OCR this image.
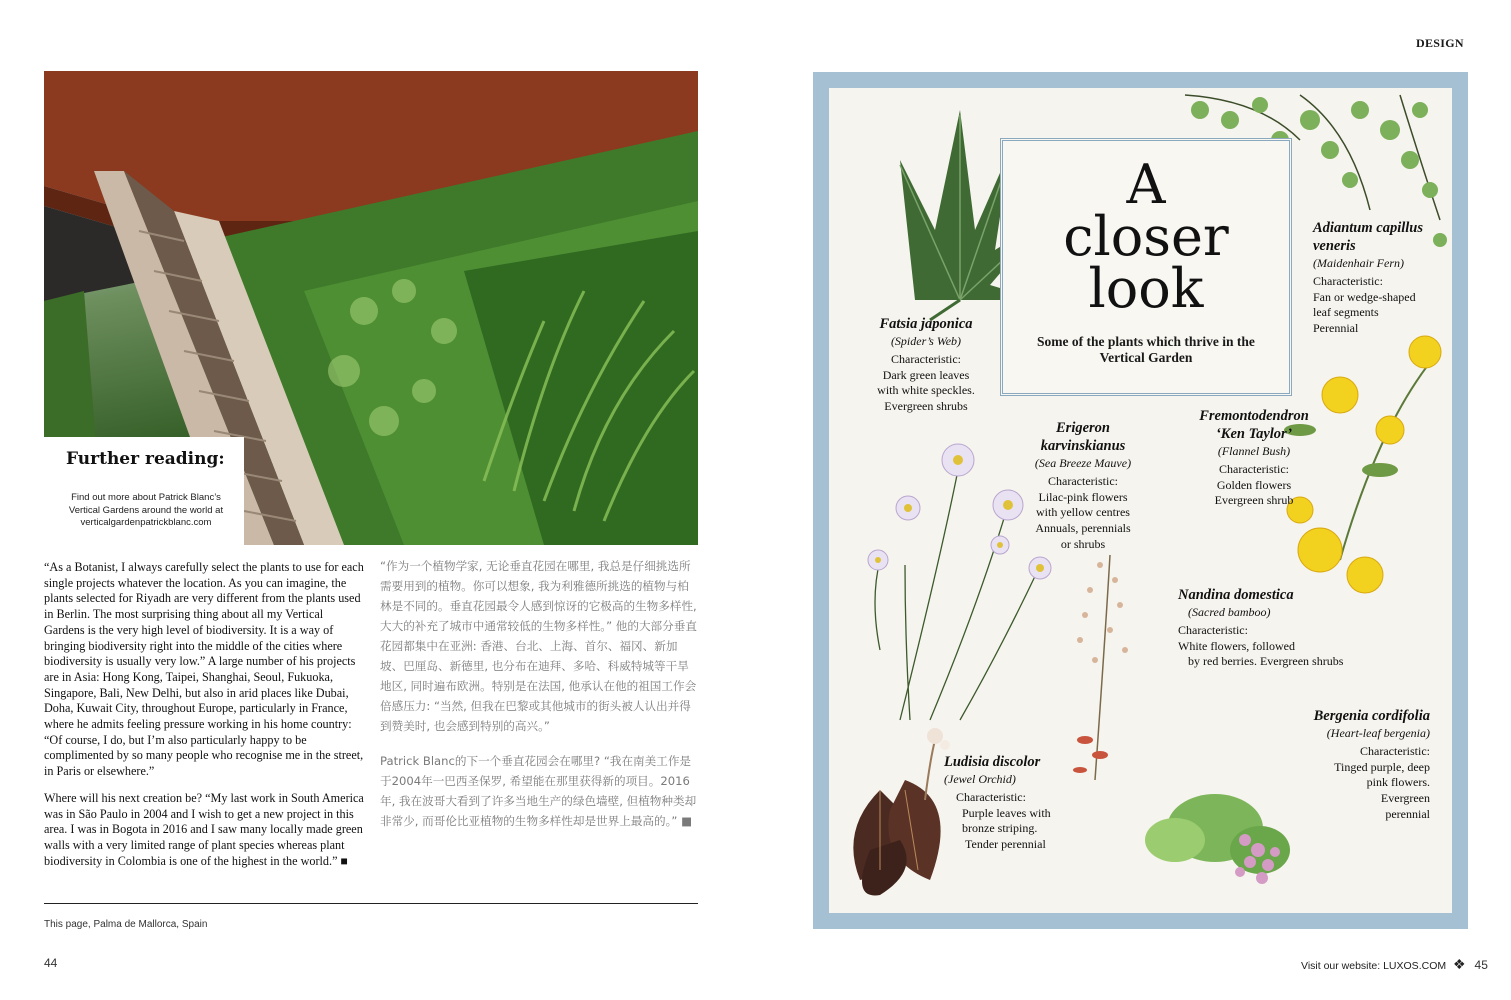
Further reading:

Find out more about Patrick Blanc’s Vertical Gardens around the world at verticalgardenpatrickblanc.com

“As a Botanist, I always carefully select the plants to use for each single projects whatever the location. As you can imagine, the plants selected for Riyadh are very different from the plants used in Berlin. The most surprising thing about all my Vertical Gardens is the very high level of biodiversity. It is a way of bringing biodiversity right into the middle of the cities where biodiversity is usually very low.” A large number of his projects are in Asia: Hong Kong, Taipei, Shanghai, Seoul, Fukuoka, Singapore, Bali, New Delhi, but also in arid places like Dubai, Doha, Kuwait City, throughout Europe, particularly in France, where he admits feeling pressure working in his home country: “Of course, I do, but I’m also particularly happy to be complimented by so many people who recognise me in the street, in Paris or elsewhere.”

Where will his next creation be? “My last work in South America was in São Paulo in 2004 and I wish to get a new project in this area. I was in Bogota in 2016 and I saw many locally made green walls with a very limited range of plant species whereas plant biodiversity in Colombia is one of the highest in the world.” ■

“作为一个植物学家, 无论垂直花园在哪里, 我总是仔细挑选所需要用到的植物。你可以想象, 我为利雅德所挑选的植物与柏林是不同的。垂直花园最令人感到惊讶的它极高的生物多样性, 大大的补充了城市中通常较低的生物多样性。” 他的大部分垂直花园都集中在亚洲: 香港、台北、上海、首尔、福冈、新加坡、巴厘岛、新德里, 也分布在迪拜、多哈、科威特城等干旱地区, 同时遍布欧洲。特别是在法国, 他承认在他的祖国工作会倍感压力: “当然, 但我在巴黎或其他城市的街头被人认出并得到赞美时, 也会感到特别的高兴。”

Patrick Blanc的下一个垂直花园会在哪里? “我在南美工作是于2004年一巴西圣保罗, 希望能在那里获得新的项目。2016年, 我在波哥大看到了许多当地生产的绿色墙壁, 但植物种类却非常少, 而哥伦比亚植物的生物多样性却是世界上最高的。” ■

This page, Palma de Mallorca, Spain
44
DESIGN
A
closer
look
Some of the plants which thrive in the Vertical Garden
Fatsia japonica
(Spider’s Web)
Characteristic:
Dark green leaves
with white speckles.
Evergreen shrubs
Adiantum capillus veneris
(Maidenhair Fern)
Characteristic:
Fan or wedge-shaped
leaf segments
Perennial
Erigeron karvinskianus
(Sea Breeze Mauve)
Characteristic:
Lilac-pink flowers
with yellow centres
Annuals, perennials
or shrubs
Fremontodendron ‘Ken Taylor’
(Flannel Bush)
Characteristic:
Golden flowers
Evergreen shrub
Nandina domestica
(Sacred bamboo)
Characteristic:
White flowers, followed
by red berries. Evergreen shrubs
Ludisia discolor
(Jewel Orchid)
Characteristic:
Purple leaves with
bronze striping.
Tender perennial
Bergenia cordifolia
(Heart-leaf bergenia)
Characteristic:
Tinged purple, deep
pink flowers.
Evergreen
perennial
Visit our website: LUXOS.COM ❖ 45
